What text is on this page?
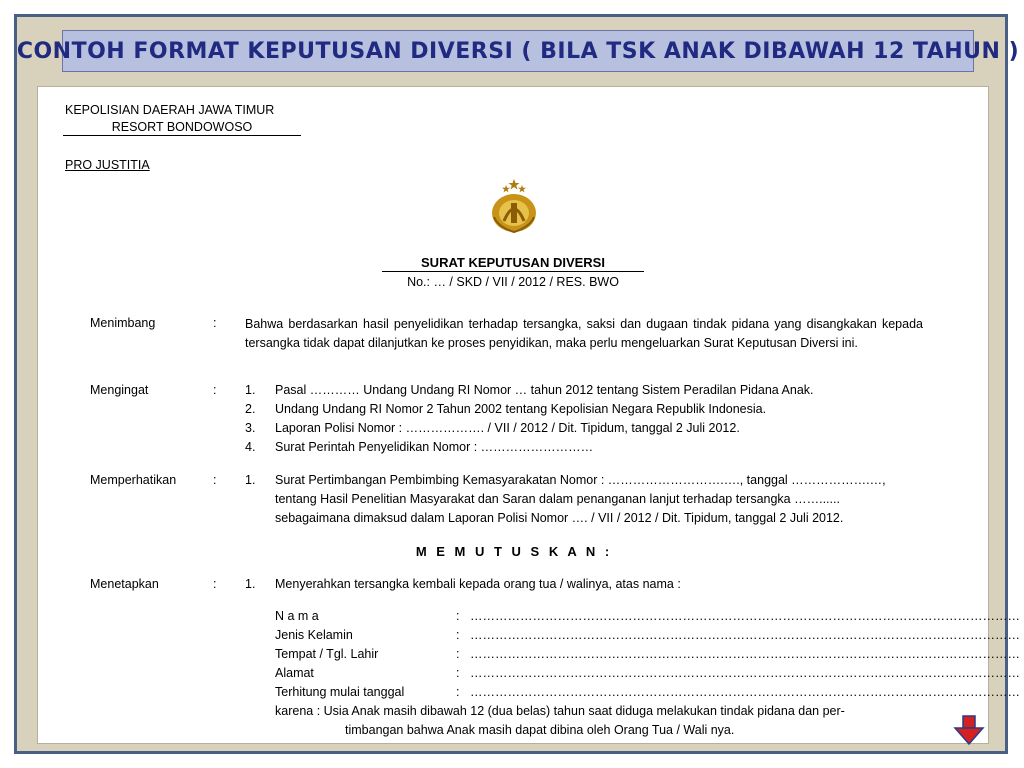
CONTOH FORMAT KEPUTUSAN DIVERSI ( BILA TSK ANAK DIBAWAH 12 TAHUN )
KEPOLISIAN DAERAH JAWA TIMUR
RESORT BONDOWOSO
PRO JUSTITIA
SURAT KEPUTUSAN DIVERSI
No.: … / SKD / VII / 2012 / RES. BWO
Menimbang	: Bahwa berdasarkan hasil penyelidikan terhadap tersangka, saksi dan dugaan tindak pidana yang disangkakan kepada tersangka tidak dapat dilanjutkan ke proses penyidikan, maka perlu mengeluarkan Surat Keputusan Diversi ini.
Mengingat	: 1. Pasal ………… Undang Undang RI Nomor … tahun 2012 tentang Sistem Peradilan Pidana Anak.
2. Undang Undang RI Nomor 2 Tahun 2002 tentang Kepolisian Negara Republik Indonesia.
3. Laporan Polisi Nomor : ………………. / VII / 2012 / Dit. Tipidum, tanggal 2 Juli 2012.
4. Surat Perintah Penyelidikan Nomor : ………………………
Memperhatikan	: 1. Surat Pertimbangan Pembimbing Kemasyarakatan Nomor : ……………………….…., tanggal ……………….…,
tentang Hasil Penelitian Masyarakat dan Saran dalam penanganan lanjut terhadap tersangka ……......
sebagaimana dimaksud dalam Laporan Polisi Nomor …. / VII / 2012 / Dit. Tipidum, tanggal 2 Juli 2012.
M E M U T U S K A N :
Menetapkan	: 1. Menyerahkan tersangka kembali kepada orang tua / walinya, atas nama :
N a m a	: ……………………………………………………………………………………………………………………
Jenis Kelamin	: ……………………………………………………………………………………………………………………
Tempat / Tgl. Lahir	: ……………………………………………………………………………………………………………………
Alamat	: ……………………………………………………………………………………………………………………
Terhitung mulai tanggal	: ……………………………………………………………………………………………………………………
karena : Usia Anak masih dibawah 12 (dua belas) tahun saat diduga melakukan tindak pidana dan per-
timbangan bahwa Anak masih dapat dibina oleh Orang Tua / Wali nya.
